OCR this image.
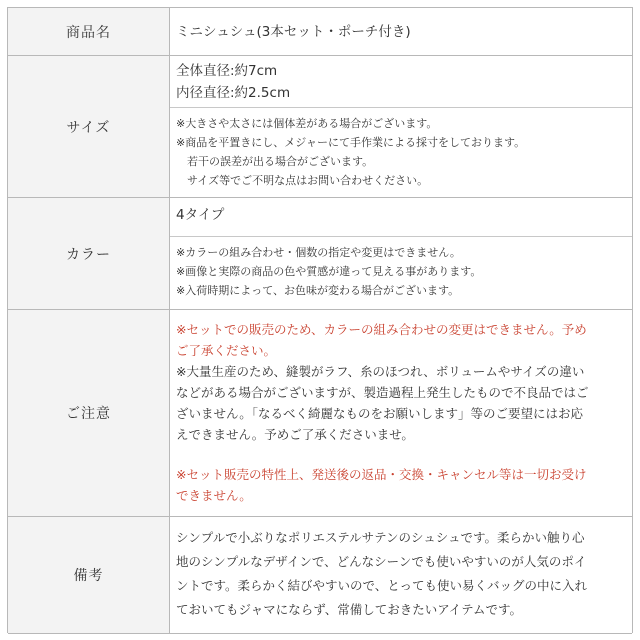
商品名	ミニシュシュ(3本セット・ポーチ付き)
サイズ

全体直径:約7cm

内径直径:約2.5cm

※大きさや太さには個体差がある場合がございます。

※商品を平置きにし、メジャーにて手作業による採寸をしております。

　若干の誤差が出る場合がございます。

　サイズ等でご不明な点はお問い合わせください。

カラー
4タイプ

※カラーの組み合わせ・個数の指定や変更はできません。

※画像と実際の商品の色や質感が違って見える事があります。

※入荷時期によって、お色味が変わる場合がございます。

ご注意

※セットでの販売のため、カラーの組み合わせの変更はできません。予め

ご了承ください。

※大量生産のため、縫製がラフ、糸のほつれ、ボリュームやサイズの違い

などがある場合がございますが、製造過程上発生したもので不良品ではご

ざいません。「なるべく綺麗なものをお願いします」等のご要望にはお応

えできません。予めご了承くださいませ。

※セット販売の特性上、発送後の返品・交換・キャンセル等は一切お受け

できません。

備考

シンプルで小ぶりなポリエステルサテンのシュシュです。柔らかい触り心

地のシンプルなデザインで、どんなシーンでも使いやすいのが人気のポイ

ントです。柔らかく結びやすいので、とっても使い易くバッグの中に入れ

ておいてもジャマにならず、常備しておきたいアイテムです。
